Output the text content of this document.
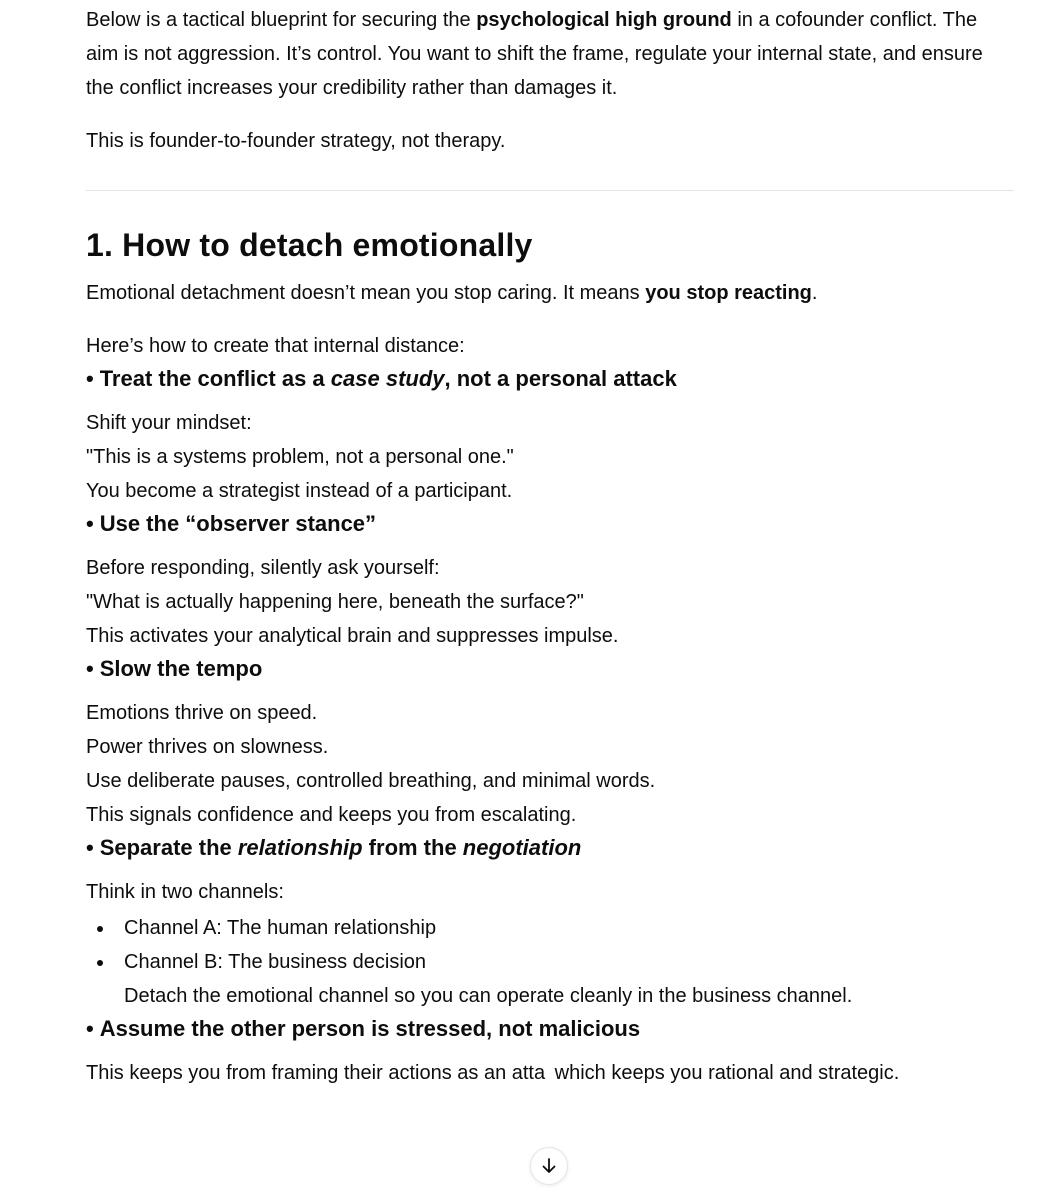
Below is a tactical blueprint for securing the psychological high ground in a cofounder conflict. The aim is not aggression. It’s control. You want to shift the frame, regulate your internal state, and ensure the conflict increases your credibility rather than damages it.

This is founder-to-founder strategy, not therapy.

1. How to detach emotionally

Emotional detachment doesn’t mean you stop caring. It means you stop reacting.

Here’s how to create that internal distance:

• Treat the conflict as a case study, not a personal attack

Shift your mindset:

"This is a systems problem, not a personal one."

You become a strategist instead of a participant.

• Use the “observer stance”

Before responding, silently ask yourself:

"What is actually happening here, beneath the surface?"

This activates your analytical brain and suppresses impulse.

• Slow the tempo

Emotions thrive on speed.

Power thrives on slowness.

Use deliberate pauses, controlled breathing, and minimal words.

This signals confidence and keeps you from escalating.

• Separate the relationship from the negotiation

Think in two channels:

Channel A: The human relationship
Channel B: The business decision

Detach the emotional channel so you can operate cleanly in the business channel.

• Assume the other person is stressed, not malicious

This keeps you from framing their actions as an atta which keeps you rational and strategic.
